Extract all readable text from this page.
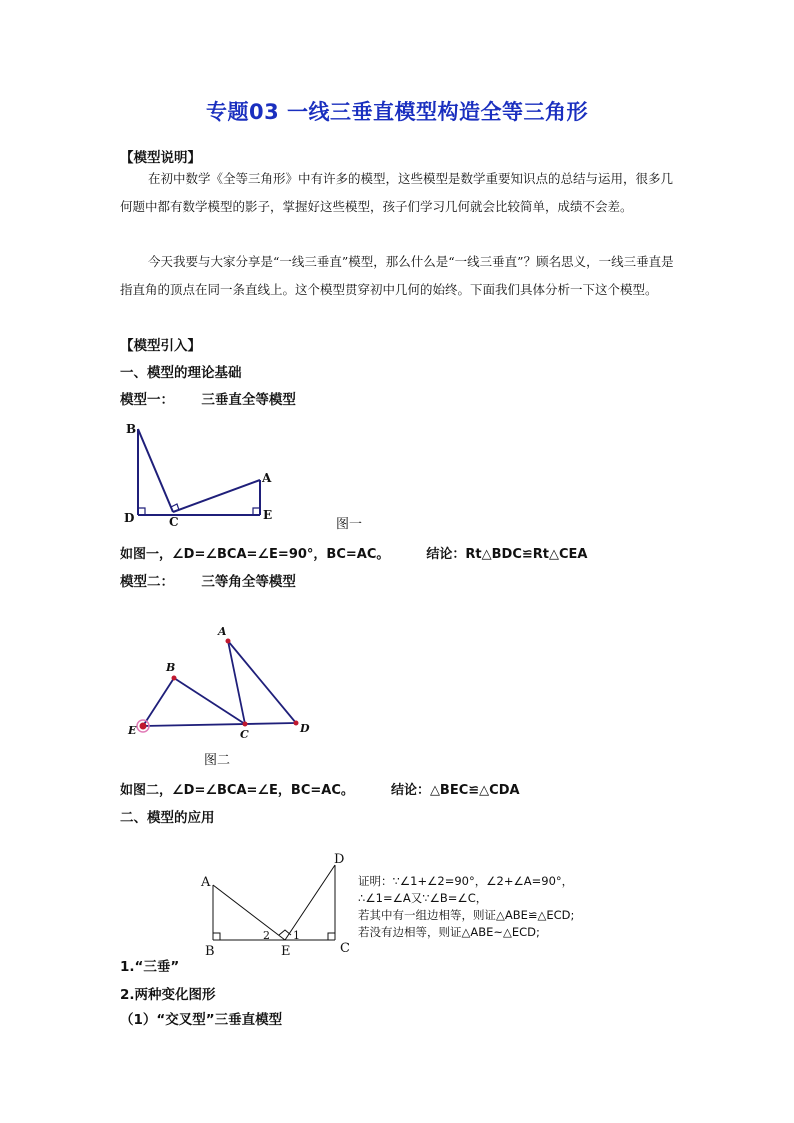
专题03 一线三垂直模型构造全等三角形
【模型说明】
在初中数学《全等三角形》中有许多的模型，这些模型是数学重要知识点的总结与运用，很多几何题中都有数学模型的影子，掌握好这些模型，孩子们学习几何就会比较简单，成绩不会差。
今天我要与大家分享是“一线三垂直”模型，那么什么是“一线三垂直”？顾名思义，一线三垂直是指直角的顶点在同一条直线上。这个模型贯穿初中几何的始终。下面我们具体分析一下这个模型。
【模型引入】
一、模型的理论基础
模型一： 三垂直全等模型
B
A
D	C	E
图一
如图一，∠D=∠BCA=∠E=90°，BC=AC。	结论：Rt△BDC≌Rt△CEA
模型二： 三等角全等模型
A
B
E	C	D
图二
如图二，∠D=∠BCA=∠E，BC=AC。	结论：△BEC≌△CDA
二、模型的应用
A
B
D
C
E
2 1
证明：∵∠1+∠2=90°，∠2+∠A=90°，
∴∠1=∠A又∵∠B=∠C，
若其中有一组边相等，则证△ABE≌△ECD;
若没有边相等，则证△ABE~△ECD;
1.“三垂”
2.两种变化图形
（1）“交叉型”三垂直模型
